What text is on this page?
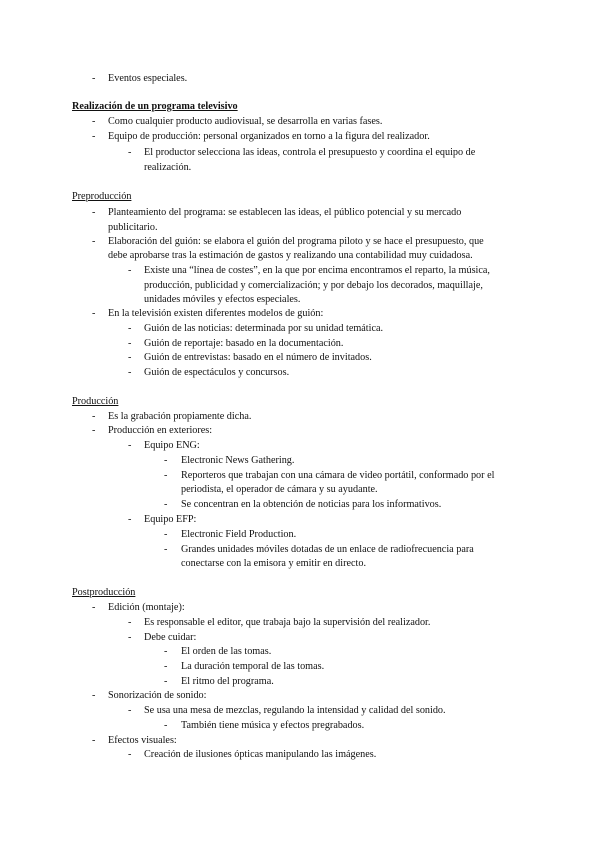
- Eventos especiales.
Realización de un programa televisivo
- Como cualquier producto audiovisual, se desarrolla en varias fases.
- Equipo de producción: personal organizados en torno a la figura del realizador.
- El productor selecciona las ideas, controla el presupuesto y coordina el equipo de
realización.
Preproducción
- Planteamiento del programa: se establecen las ideas, el público potencial y su mercado
publicitario.
- Elaboración del guión: se elabora el guión del programa piloto y se hace el presupuesto, que
debe aprobarse tras la estimación de gastos y realizando una contabilidad muy cuidadosa.
- Existe una “línea de costes”, en la que por encima encontramos el reparto, la música,
producción, publicidad y comercialización; y por debajo los decorados, maquillaje,
unidades móviles y efectos especiales.
- En la televisión existen diferentes modelos de guión:
- Guión de las noticias: determinada por su unidad temática.
- Guión de reportaje: basado en la documentación.
- Guión de entrevistas: basado en el número de invitados.
- Guión de espectáculos y concursos.
Producción
- Es la grabación propiamente dicha.
- Producción en exteriores:
- Equipo ENG:
- Electronic News Gathering.
- Reporteros que trabajan con una cámara de video portátil, conformado por el
periodista, el operador de cámara y su ayudante.
- Se concentran en la obtención de noticias para los informativos.
- Equipo EFP:
- Electronic Field Production.
- Grandes unidades móviles dotadas de un enlace de radiofrecuencia para
conectarse con la emisora y emitir en directo.
Postproducción
- Edición (montaje):
- Es responsable el editor, que trabaja bajo la supervisión del realizador.
- Debe cuidar:
- El orden de las tomas.
- La duración temporal de las tomas.
- El ritmo del programa.
- Sonorización de sonido:
- Se usa una mesa de mezclas, regulando la intensidad y calidad del sonido.
- También tiene música y efectos pregrabados.
- Efectos visuales:
- Creación de ilusiones ópticas manipulando las imágenes.
